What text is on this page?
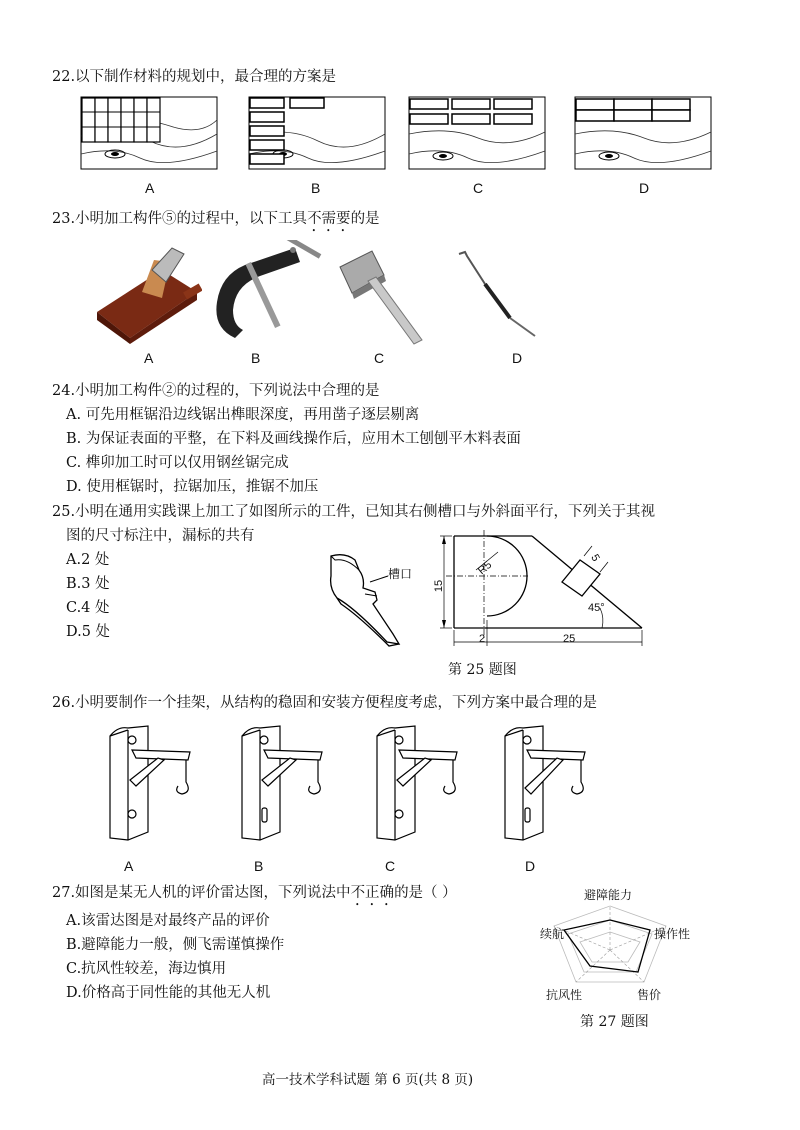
22.以下制作材料的规划中，最合理的方案是
A	B	C	D
23.小明加工构件⑤的过程中，以下工具不需要的是
A	B	C	D
24.小明加工构件②的过程的，下列说法中合理的是
A. 可先用框锯沿边线锯出榫眼深度，再用凿子逐层剔离
B. 为保证表面的平整，在下料及画线操作后，应用木工刨刨平木料表面
C. 榫卯加工时可以仅用钢丝锯完成
D. 使用框锯时，拉锯加压，推锯不加压
25.小明在通用实践课上加工了如图所示的工件，已知其右侧槽口与外斜面平行，下列关于其视
图的尺寸标注中，漏标的共有
A.2 处
B.3 处
C.4 处
D.5 处
槽口
15
R5
5
45°
2	25
第 25 题图
26.小明要制作一个挂架，从结构的稳固和安装方便程度考虑，下列方案中最合理的是
A	B	C	D
27.如图是某无人机的评价雷达图，下列说法中不正确的是（ ）
A.该雷达图是对最终产品的评价
B.避障能力一般，侧飞需谨慎操作
C.抗风性较差，海边慎用
D.价格高于同性能的其他无人机
避障能力
操作性
售价
抗风性
续航
第 27 题图
高一技术学科试题 第 6 页(共 8 页)
